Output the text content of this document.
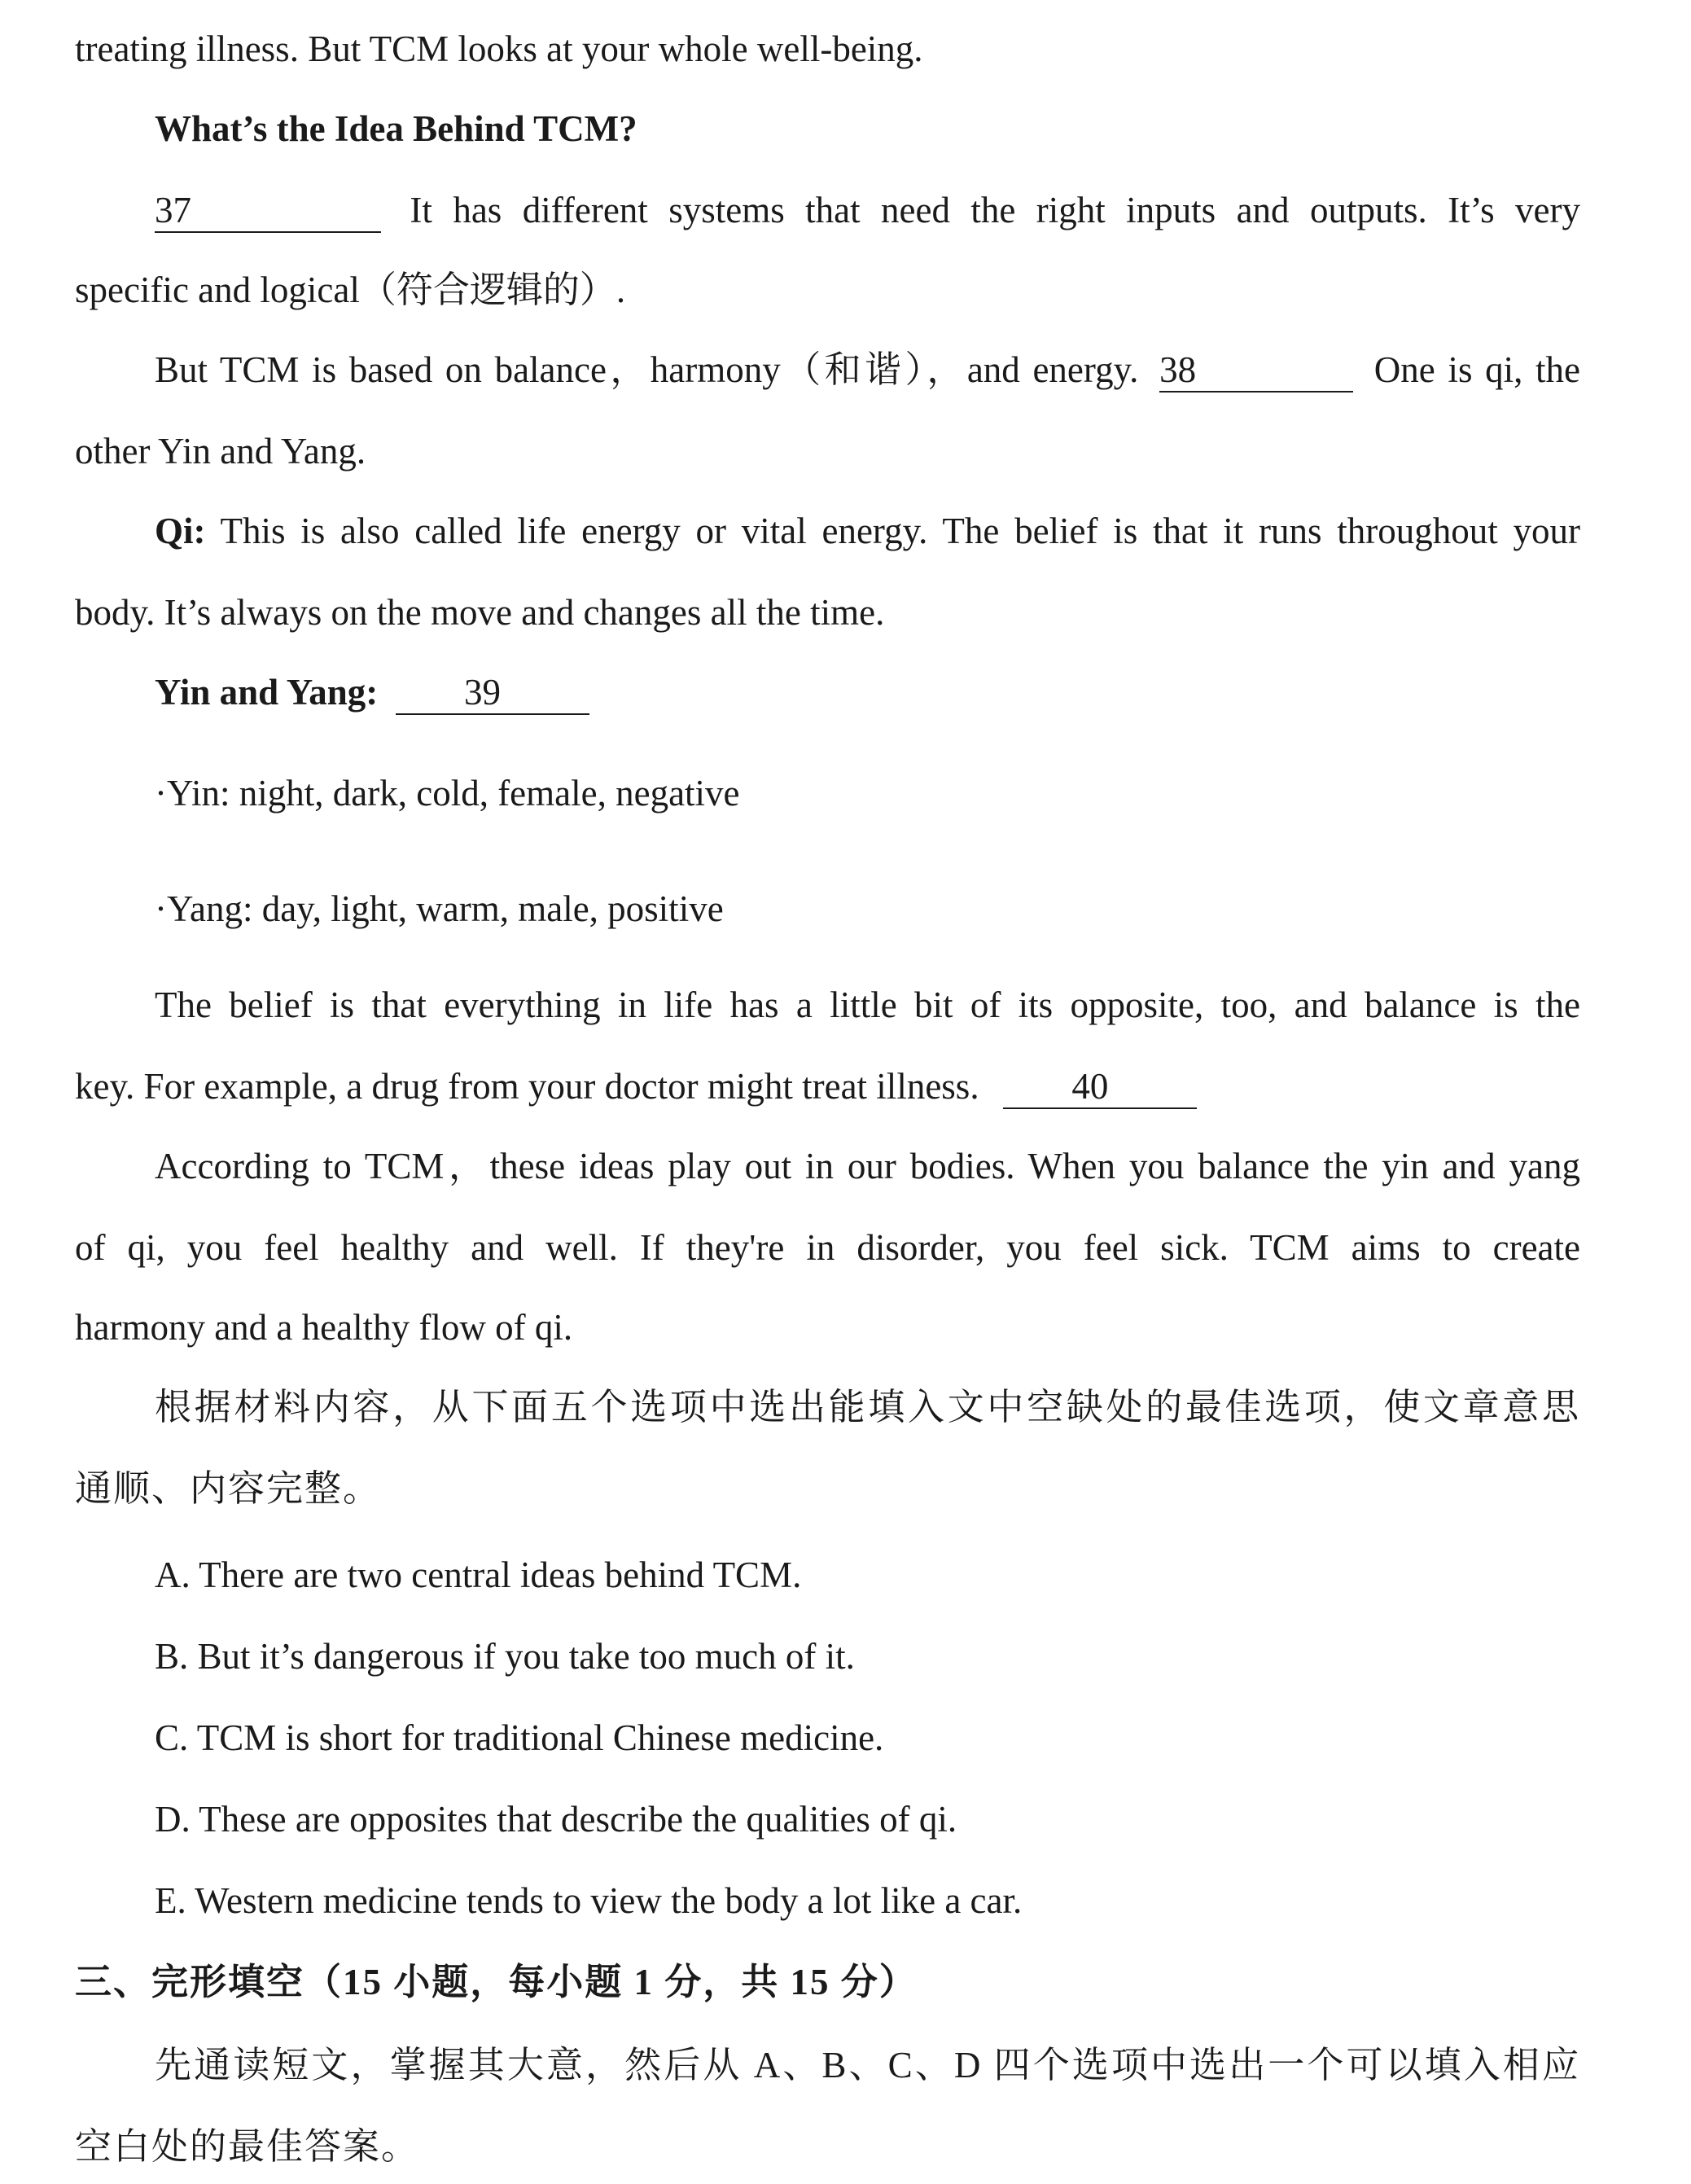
treating illness. But TCM looks at your whole well-being.
What’s the Idea Behind TCM?
37	It has different systems that need the right inputs and outputs. It’s very
specific and logical（符合逻辑的）.
But TCM is based on balance，harmony（和谐），and energy. 38	One is qi, the
other Yin and Yang.
Qi: This is also called life energy or vital energy. The belief is that it runs throughout your
body. It’s always on the move and changes all the time.
Yin and Yang: 39
·Yin: night, dark, cold, female, negative
·Yang: day, light, warm, male, positive
The belief is that everything in life has a little bit of its opposite, too, and balance is the
key. For example, a drug from your doctor might treat illness.	40
According to TCM，these ideas play out in our bodies. When you balance the yin and yang
of qi, you feel healthy and well. If they're in disorder, you feel sick. TCM aims to create
harmony and a healthy flow of qi.
根据材料内容，从下面五个选项中选出能填入文中空缺处的最佳选项，使文章意思
通顺、内容完整。
A. There are two central ideas behind TCM.
B. But it’s dangerous if you take too much of it.
C. TCM is short for traditional Chinese medicine.
D. These are opposites that describe the qualities of qi.
E. Western medicine tends to view the body a lot like a car.
三、完形填空（15 小题，每小题 1 分，共 15 分）
先通读短文，掌握其大意，然后从 A、B、C、D 四个选项中选出一个可以填入相应
空白处的最佳答案。
